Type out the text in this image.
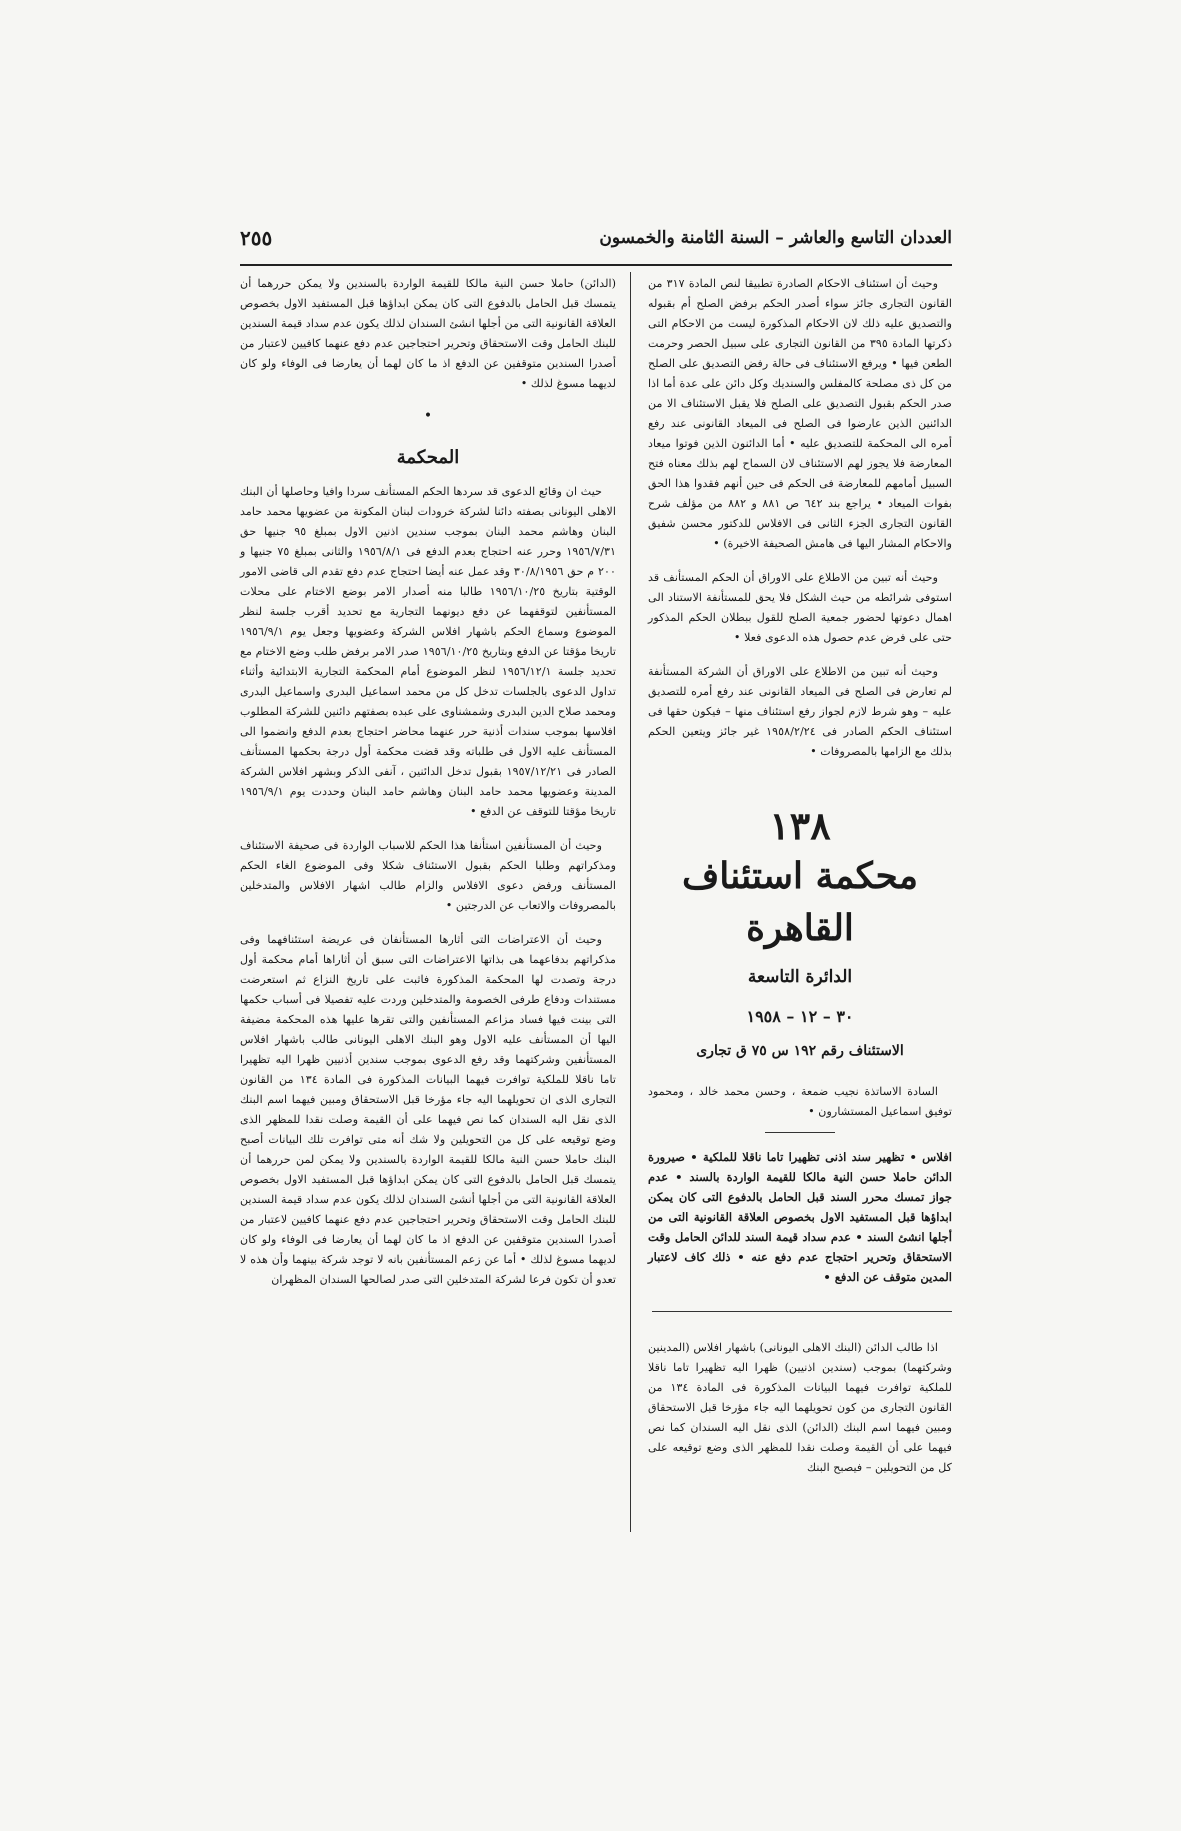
العددان التاسع والعاشر – السنة الثامنة والخمسون
٢٥٥

وحيث أن استئناف الاحكام الصادرة تطبيقا لنص المادة ٣١٧ من القانون التجارى جائز سواء أصدر الحكم برفض الصلح أم بقبوله والتصديق عليه ذلك لان الاحكام المذكورة ليست من الاحكام التى ذكرتها المادة ٣٩٥ من القانون التجارى على سبيل الحصر وحرمت الطعن فيها • ويرفع الاستئناف فى حالة رفض التصديق على الصلح من كل ذى مصلحة كالمفلس والسنديك وكل دائن على عدة أما اذا صدر الحكم بقبول التصديق على الصلح فلا يقبل الاستئناف الا من الدائنين الذين عارضوا فى الصلح فى الميعاد القانونى عند رفع أمره الى المحكمة للتصديق عليه • أما الدائنون الذين فوتوا ميعاد المعارضة فلا يجوز لهم الاستئناف لان السماح لهم بذلك معناه فتح السبيل أمامهم للمعارضة فى الحكم فى حين أنهم فقدوا هذا الحق بفوات الميعاد • يراجع بند ٦٤٢ ص ٨٨١ و ٨٨٢ من مؤلف شرح القانون التجارى الجزء الثانى فى الافلاس للدكتور محسن شفيق والاحكام المشار اليها فى هامش الصحيفة الاخيرة) •

وحيث أنه تبين من الاطلاع على الاوراق أن الحكم المستأنف قد استوفى شرائطه من حيث الشكل فلا يحق للمستأنفة الاستناد الى اهمال دعوتها لحضور جمعية الصلح للقول ببطلان الحكم المذكور حتى على فرض عدم حصول هذه الدعوى فعلا •

وحيث أنه تبين من الاطلاع على الاوراق أن الشركة المستأنفة لم تعارض فى الصلح فى الميعاد القانونى عند رفع أمره للتصديق عليه – وهو شرط لازم لجواز رفع استئناف منها – فيكون حقها فى استئناف الحكم الصادر فى ١٩٥٨/٢/٢٤ غير جائز ويتعين الحكم بذلك مع الزامها بالمصروفات •

١٣٨
محكمة استئناف القاهرة
الدائرة التاسعة
٣٠ – ١٢ – ١٩٥٨
الاستئناف رقم ١٩٢ س ٧٥ ق تجارى

السادة الاساتذة نجيب ضمعة ، وحسن محمد خالد ، ومحمود توفيق اسماعيل المستشارون •

افلاس • تظهير سند اذنى تظهيرا تاما ناقلا للملكية • صيرورة الدائن حاملا حسن النية مالكا للقيمة الواردة بالسند • عدم جواز تمسك محرر السند قبل الحامل بالدفوع التى كان يمكن ابداؤها قبل المستفيد الاول بخصوص العلاقة القانونية التى من أجلها انشئ السند • عدم سداد قيمة السند للدائن الحامل وقت الاستحقاق وتحرير احتجاج عدم دفع عنه • ذلك كاف لاعتبار المدين متوقف عن الدفع •

اذا طالب الدائن (البنك الاهلى اليونانى) باشهار افلاس (المدينين وشركتهما) بموجب (سندين اذنيين) ظهرا اليه تظهيرا تاما ناقلا للملكية توافرت فيهما البيانات المذكورة فى المادة ١٣٤ من القانون التجارى من كون تحويلهما اليه جاء مؤرخا قبل الاستحقاق ومبين فيهما اسم البنك (الدائن) الذى نقل اليه السندان كما نص فيهما على أن القيمة وصلت نقدا للمظهر الذى وضع توقيعه على كل من التحويلين – فيصبح البنك

(الدائن) حاملا حسن النية مالكا للقيمة الواردة بالسندين ولا يمكن حررهما أن يتمسك قبل الحامل بالدفوع التى كان يمكن ابداؤها قبل المستفيد الاول بخصوص العلاقة القانونية التى من أجلها انشئ السندان لذلك يكون عدم سداد قيمة السندين للبنك الحامل وقت الاستحقاق وتحرير احتجاجين عدم دفع عنهما كافيين لاعتبار من أصدرا السندين متوقفين عن الدفع اذ ما كان لهما أن يعارضا فى الوفاء ولو كان لديهما مسوغ لذلك •

•
المحكمة

حيث ان وقائع الدعوى قد سردها الحكم المستأنف سردا وافيا وحاصلها أن البنك الاهلى اليونانى بصفته دائنا لشركة خرودات لبنان المكونة من عضويها محمد حامد البنان وهاشم محمد البنان بموجب سندين اذنين الاول بمبلغ ٩٥ جنيها حق ١٩٥٦/٧/٣١ وحرر عنه احتجاج بعدم الدفع فى ١٩٥٦/٨/١ والثانى بمبلغ ٧٥ جنيها و ٢٠٠ م حق ٣٠/٨/١٩٥٦ وقد عمل عنه أيضا احتجاج عدم دفع تقدم الى قاضى الامور الوقتية بتاريخ ١٩٥٦/١٠/٢٥ طالبا منه أصدار الامر بوضع الاختام على محلات المستأنفين لتوقفهما عن دفع ديونهما التجارية مع تحديد أقرب جلسة لنظر الموضوع وسماع الحكم باشهار افلاس الشركة وعضويها وجعل يوم ١٩٥٦/٩/١ تاريخا مؤقتا عن الدفع وبتاريخ ١٩٥٦/١٠/٢٥ صدر الامر برفض طلب وضع الاختام مع تحديد جلسة ١٩٥٦/١٢/١ لنظر الموضوع أمام المحكمة التجارية الابتدائية وأثناء تداول الدعوى بالجلسات تدخل كل من محمد اسماعيل البدرى واسماعيل البدرى ومحمد صلاح الدين البدرى وشمشناوى على عبده بصفتهم دائنين للشركة المطلوب افلاسها بموجب سندات أذنية حرر عنهما محاضر احتجاج بعدم الدفع وانضموا الى المستأنف عليه الاول فى طلباته وقد قضت محكمة أول درجة بحكمها المستأنف الصادر فى ١٩٥٧/١٢/٢١ بقبول تدخل الدائنين ، آنفى الذكر وبشهر افلاس الشركة المدينة وعضويها محمد حامد البنان وهاشم حامد البنان وحددت يوم ١٩٥٦/٩/١ تاريخا مؤقتا للتوقف عن الدفع •

وحيث أن المستأنفين استأنفا هذا الحكم للاسباب الواردة فى صحيفة الاستئناف ومذكراتهم وطلبا الحكم بقبول الاستئناف شكلا وفى الموضوع الغاء الحكم المستأنف ورفض دعوى الافلاس والزام طالب اشهار الافلاس والمتدخلين بالمصروفات والاتعاب عن الدرجتين •

وحيث أن الاعتراضات التى أثارها المستأنفان فى عريضة استئنافهما وفى مذكراتهم بدفاعهما هى بذاتها الاعتراضات التى سبق أن أثاراها أمام محكمة أول درجة وتصدت لها المحكمة المذكورة فاثبت على تاريخ النزاع ثم استعرضت مستندات ودفاع طرفى الخصومة والمتدخلين وردت عليه تفصيلا فى أسباب حكمها التى بينت فيها فساد مزاعم المستأنفين والتى تقرها عليها هذه المحكمة مضيفة اليها أن المستأنف عليه الاول وهو البنك الاهلى اليونانى طالب باشهار افلاس المستأنفين وشركتهما وقد رفع الدعوى بموجب سندين أذنيين ظهرا اليه تظهيرا تاما ناقلا للملكية توافرت فيهما البيانات المذكورة فى المادة ١٣٤ من القانون التجارى الذى ان تحويلهما اليه جاء مؤرخا قبل الاستحقاق ومبين فيهما اسم البنك الذى نقل اليه السندان كما نص فيهما على أن القيمة وصلت نقدا للمظهر الذى وضع توقيعه على كل من التحويلين ولا شك أنه متى توافرت تلك البيانات أصبح البنك حاملا حسن النية مالكا للقيمة الواردة بالسندين ولا يمكن لمن حررهما أن يتمسك قبل الحامل بالدفوع التى كان يمكن ابداؤها قبل المستفيد الاول بخصوص العلاقة القانونية التى من أجلها أنشئ السندان لذلك يكون عدم سداد قيمة السندين للبنك الحامل وقت الاستحقاق وتحرير احتجاجين عدم دفع عنهما كافيين لاعتبار من أصدرا السندين متوقفين عن الدفع اذ ما كان لهما أن يعارضا فى الوفاء ولو كان لديهما مسوغ لذلك • أما عن زعم المستأنفين بانه لا توجد شركة بينهما وأن هذه لا تعدو أن تكون فرعا لشركة المتدخلين التى صدر لصالحها السندان المظهران
